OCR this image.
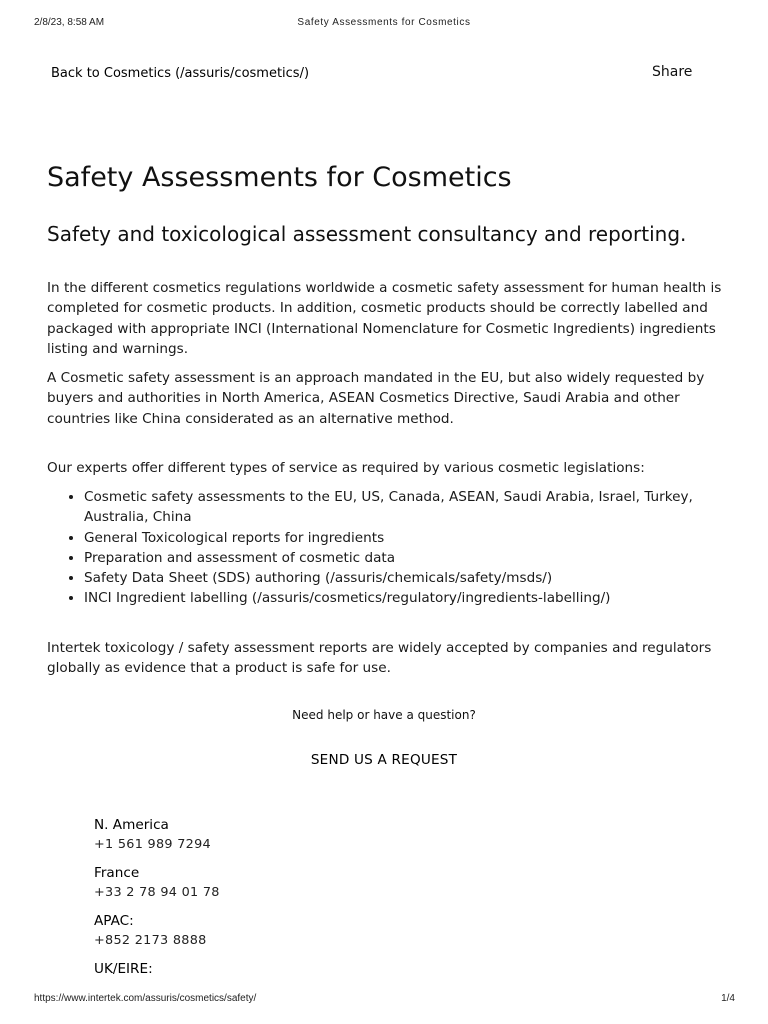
2/8/23, 8:58 AM	Safety Assessments for Cosmetics
Back to Cosmetics (/assuris/cosmetics/)	Share
Safety Assessments for Cosmetics
Safety and toxicological assessment consultancy and reporting.

In the different cosmetics regulations worldwide a cosmetic safety assessment for human health is completed for cosmetic products. In addition, cosmetic products should be correctly labelled and packaged with appropriate INCI (International Nomenclature for Cosmetic Ingredients) ingredients listing and warnings.

A Cosmetic safety assessment is an approach mandated in the EU, but also widely requested by buyers and authorities in North America, ASEAN Cosmetics Directive, Saudi Arabia and other countries like China considerated as an alternative method.

Our experts offer different types of service as required by various cosmetic legislations:

• Cosmetic safety assessments to the EU, US, Canada, ASEAN, Saudi Arabia, Israel, Turkey, Australia, China
• General Toxicological reports for ingredients
• Preparation and assessment of cosmetic data
• Safety Data Sheet (SDS) authoring (/assuris/chemicals/safety/msds/)
• INCI Ingredient labelling (/assuris/cosmetics/regulatory/ingredients-labelling/)

Intertek toxicology / safety assessment reports are widely accepted by companies and regulators globally as evidence that a product is safe for use.

Need help or have a question?
SEND US A REQUEST
N. America
+1 561 989 7294
France
+33 2 78 94 01 78
APAC:
+852 2173 8888
UK/EIRE:
https://www.intertek.com/assuris/cosmetics/safety/	1/4
